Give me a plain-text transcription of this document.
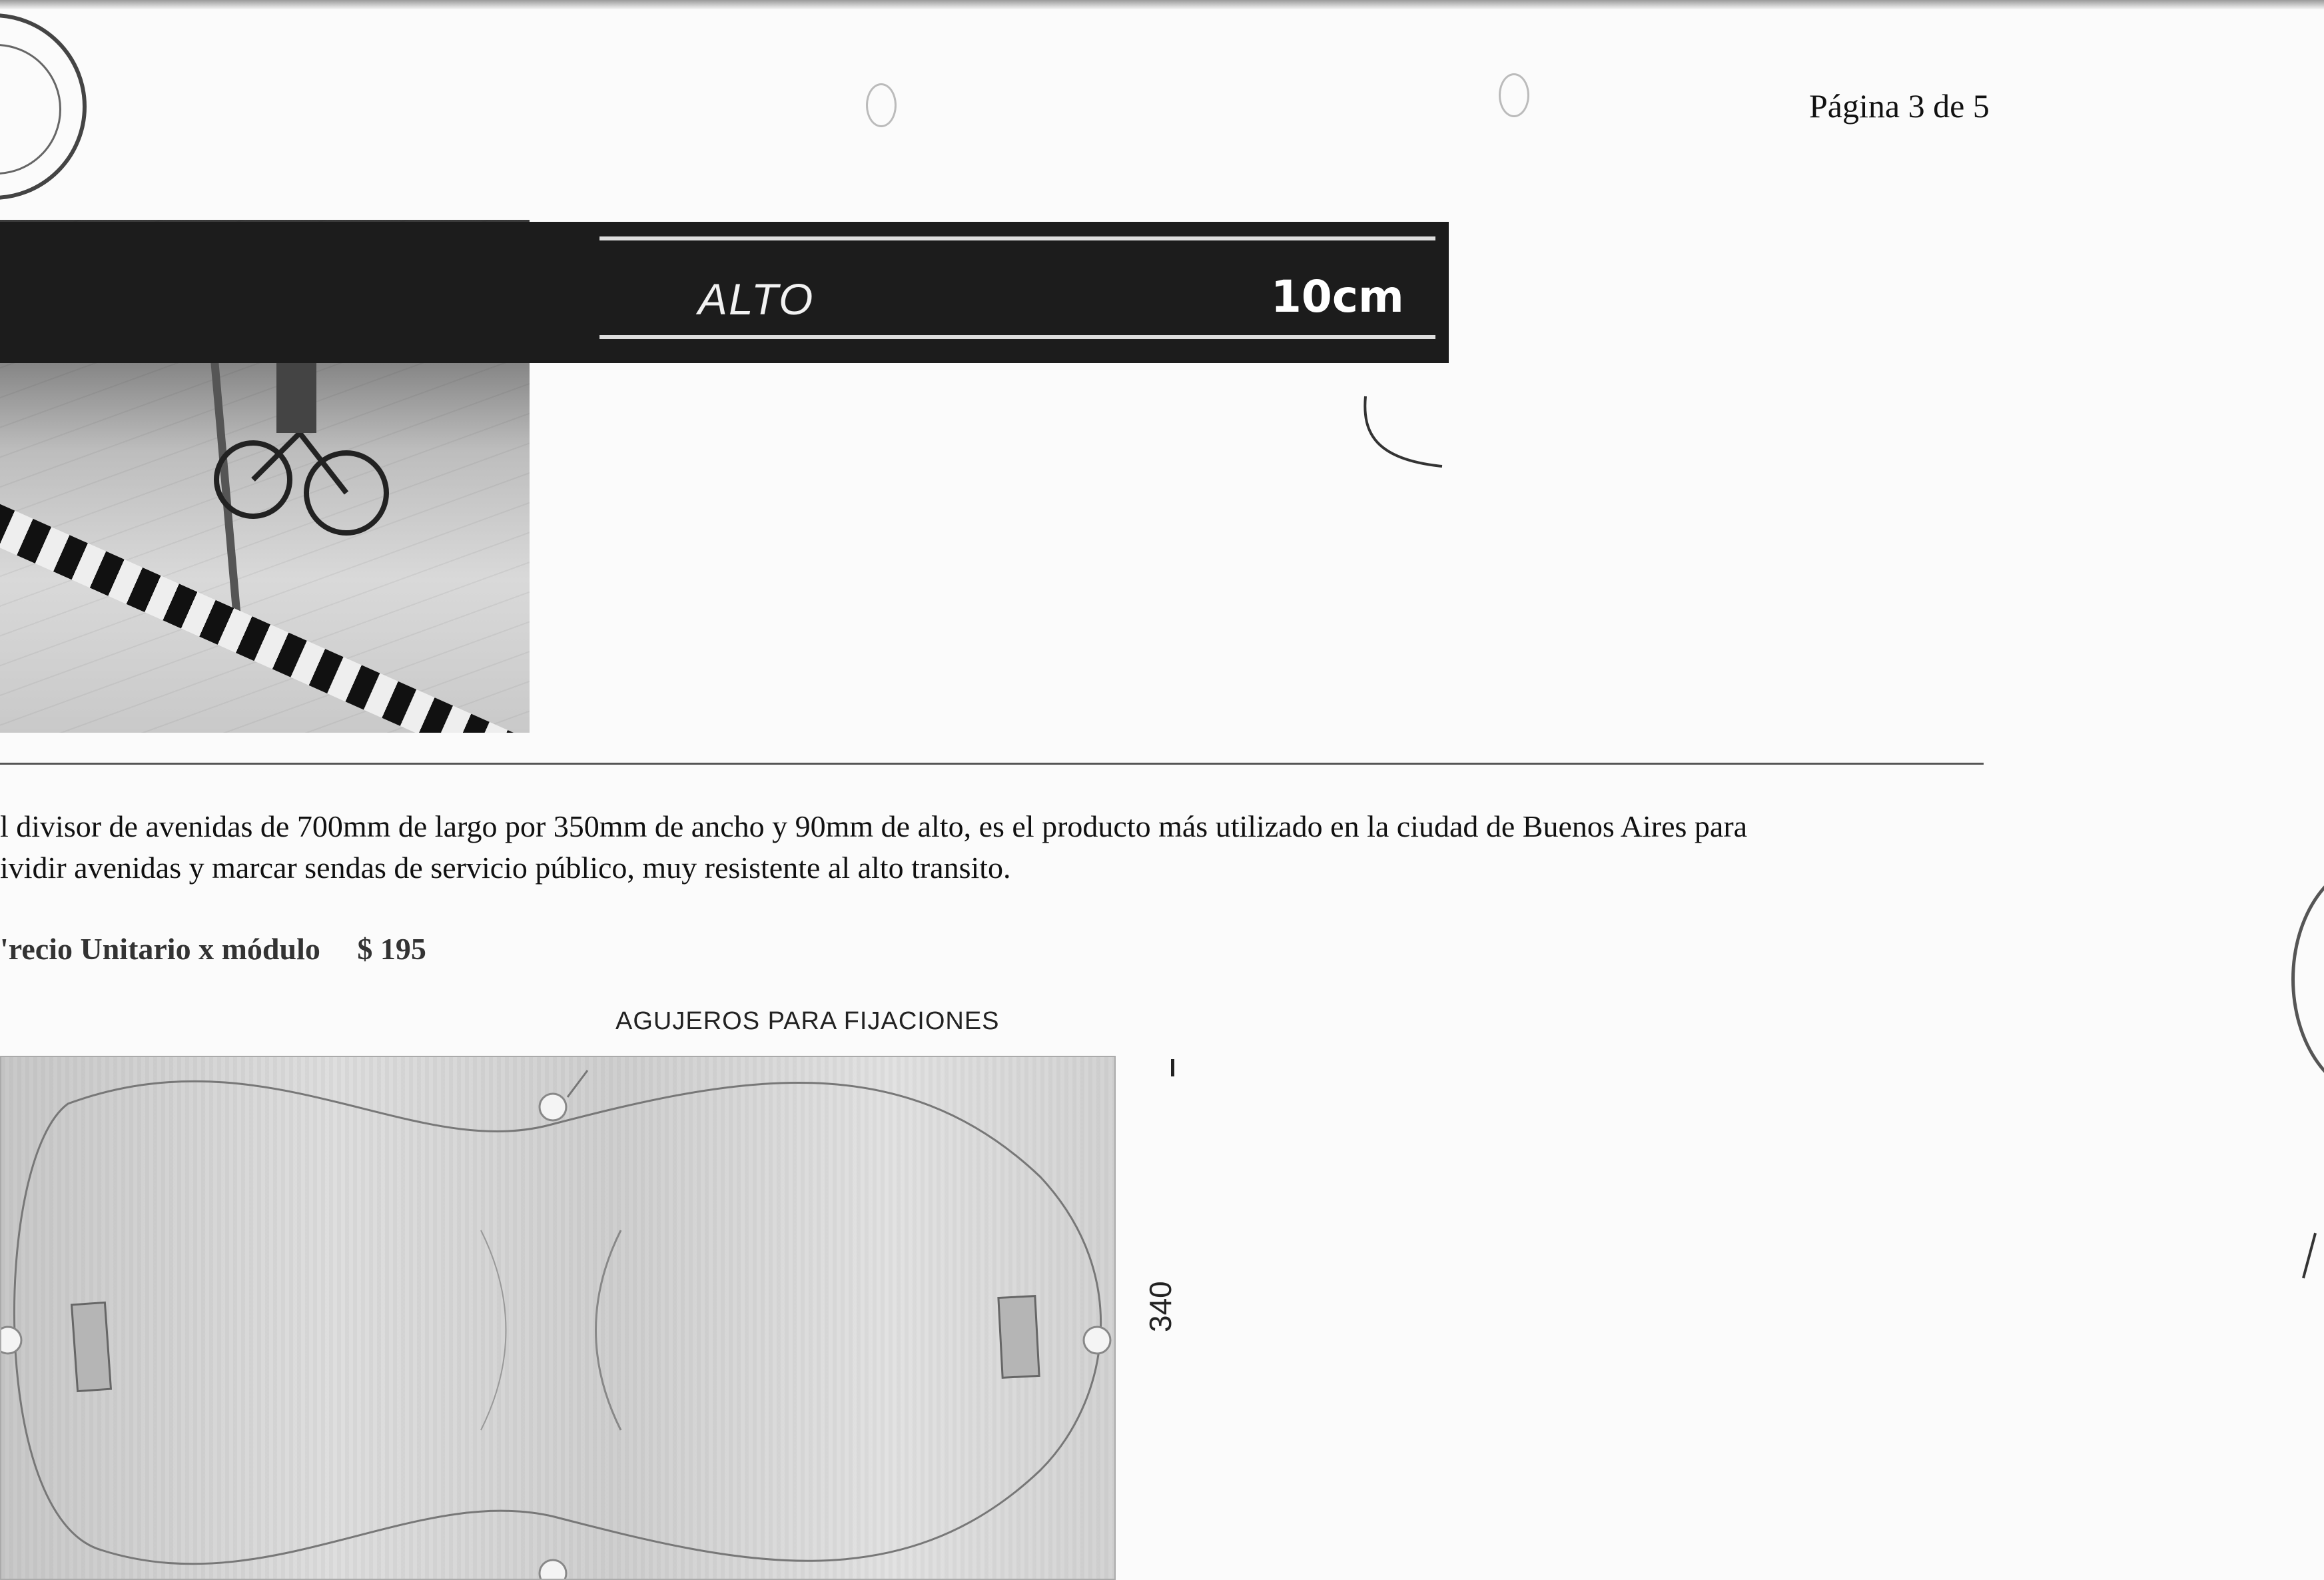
Página 3 de 5
ALTO	10cm

l divisor de avenidas de 700mm de largo por 350mm de ancho y 90mm de alto, es el producto más utilizado en la ciudad de Buenos Aires para
ividir avenidas y marcar sendas de servicio público, muy resistente al alto transito.

'recio Unitario x módulo $ 195
AGUJEROS PARA FIJACIONES
340
